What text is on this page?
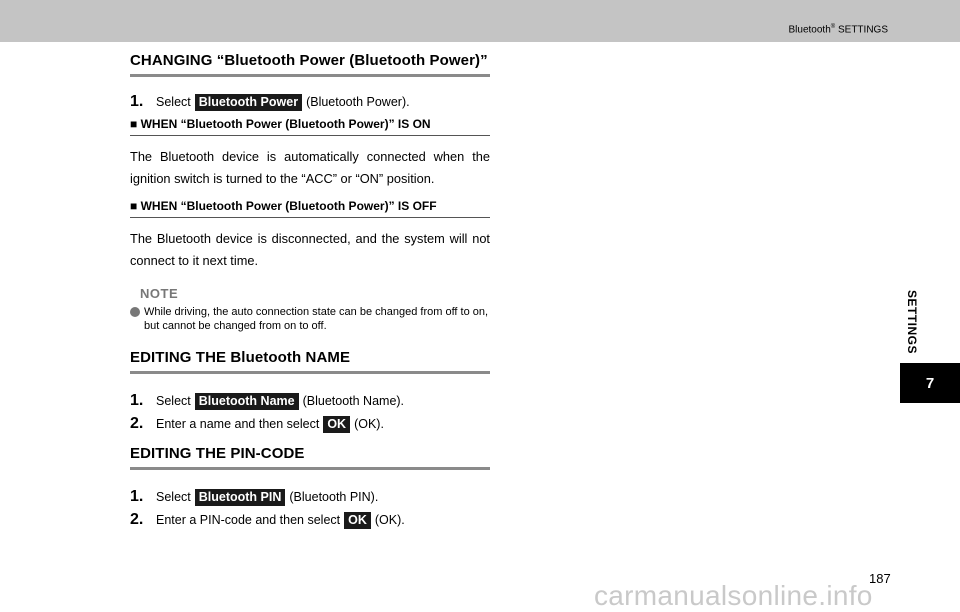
Bluetooth® SETTINGS
CHANGING “Bluetooth Power (Bluetooth Power)”
1.	Select Bluetooth Power (Bluetooth Power).
■ WHEN “Bluetooth Power (Bluetooth Power)” IS ON

The Bluetooth device is automatically connected when the ignition switch is turned to the “ACC” or “ON” position.

■ WHEN “Bluetooth Power (Bluetooth Power)” IS OFF

The Bluetooth device is disconnected, and the system will not connect to it next time.

NOTE
While driving, the auto connection state can be changed from off to on, but cannot be changed from on to off.
EDITING THE Bluetooth NAME
1.	Select Bluetooth Name (Bluetooth Name).
2.	Enter a name and then select OK (OK).
EDITING THE PIN-CODE
1.	Select Bluetooth PIN (Bluetooth PIN).
2.	Enter a PIN-code and then select OK (OK).
SETTINGS
7
187
carmanualsonline.info
